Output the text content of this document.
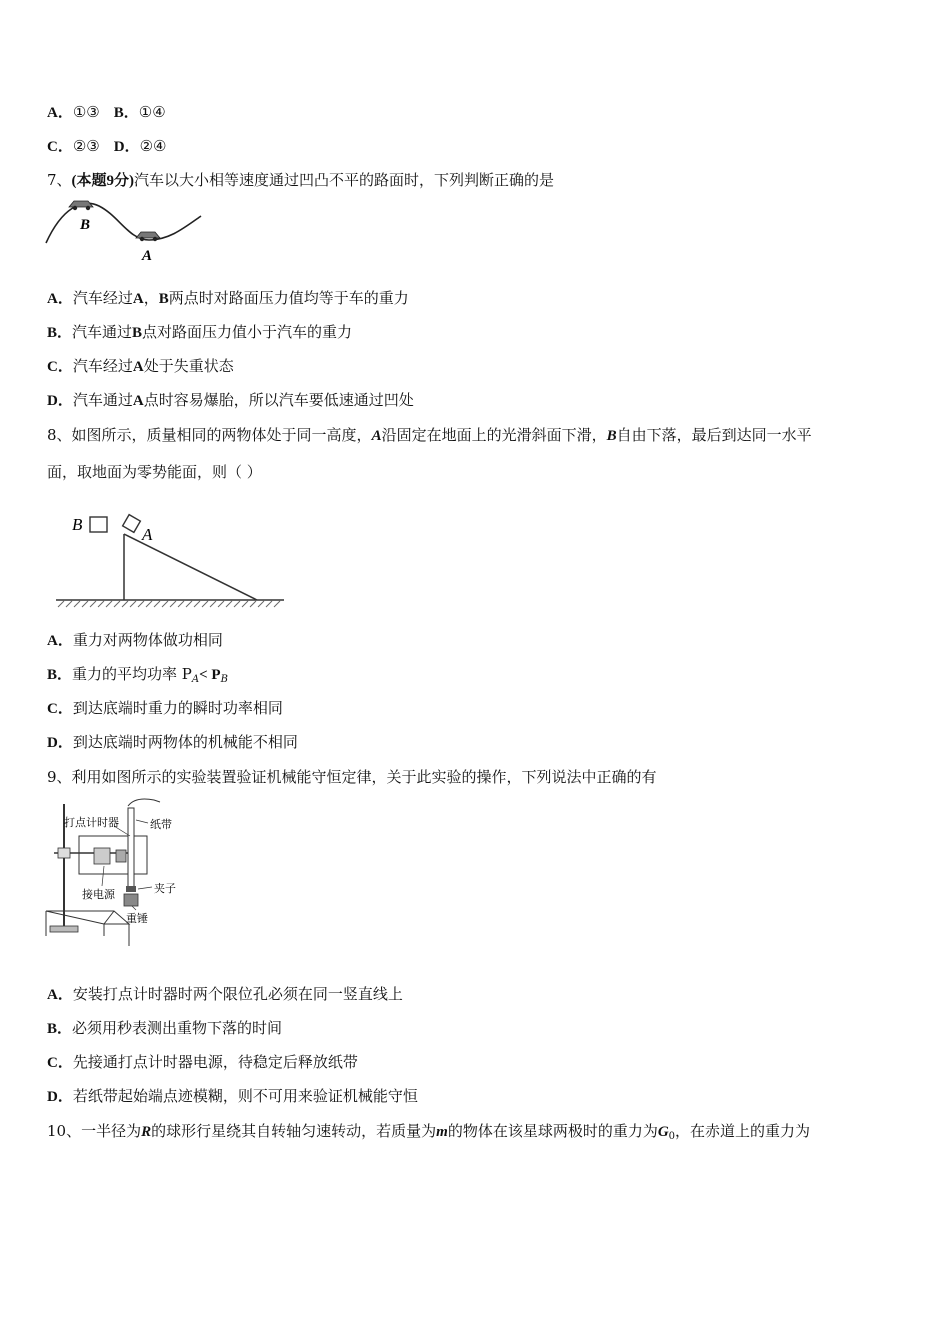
A．①③ B．①④
C．②③ D．②④
7、(本题9分)汽车以大小相等速度通过凹凸不平的路面时，下列判断正确的是
B
A
A．汽车经过A，B两点时对路面压力值均等于车的重力
B．汽车通过B点对路面压力值小于汽车的重力
C．汽车经过A处于失重状态
D．汽车通过A点时容易爆胎，所以汽车要低速通过凹处
8、如图所示，质量相同的两物体处于同一高度，A沿固定在地面上的光滑斜面下滑，B自由下落，最后到达同一水平
面，取地面为零势能面，则（ ）
B
A
A．重力对两物体做功相同
B．重力的平均功率 $P_A< P_B$
C．到达底端时重力的瞬时功率相同
D．到达底端时两物体的机械能不相同
9、利用如图所示的实验装置验证机械能守恒定律，关于此实验的操作，下列说法中正确的有
打点计时器	纸带
接电源	夹子
重锤
A．安装打点计时器时两个限位孔必须在同一竖直线上
B．必须用秒表测出重物下落的时间
C．先接通打点计时器电源，待稳定后释放纸带
D．若纸带起始端点迹模糊，则不可用来验证机械能守恒
10、一半径为R的球形行星绕其自转轴匀速转动，若质量为m的物体在该星球两极时的重力为$G_0$，在赤道上的重力为
